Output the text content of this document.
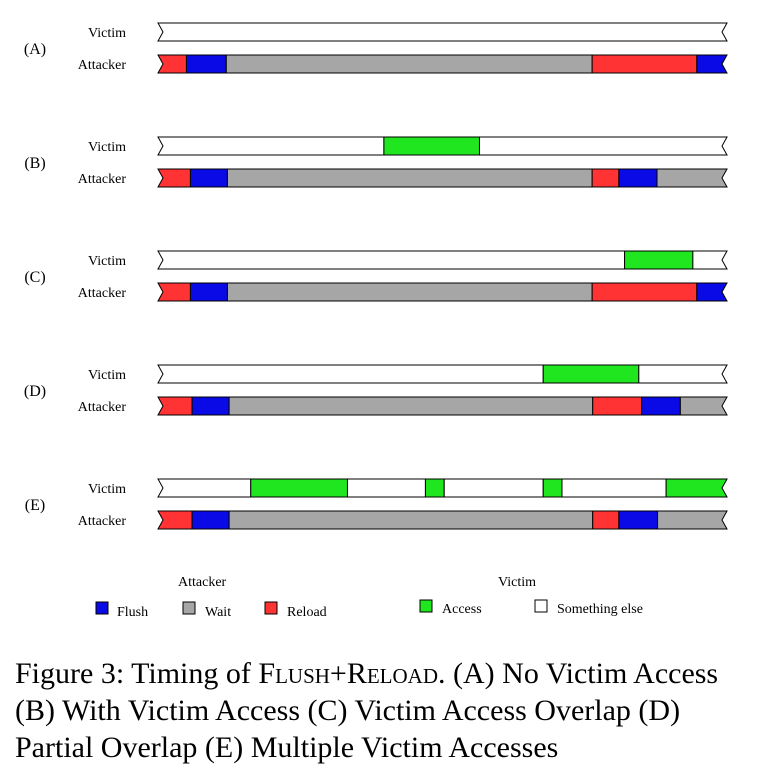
(A)
Victim
Attacker
(B)
Victim
Attacker
(C)
Victim
Attacker
(D)
Victim
Attacker
(E)
Victim
Attacker
Attacker	Victim
Flush	Wait	Reload	Access	Something else
Figure 3: Timing of Flush+Reload. (A) No Victim Access (B) With Victim Access (C) Victim Access Overlap (D) Partial Overlap (E) Multiple Victim Accesses
